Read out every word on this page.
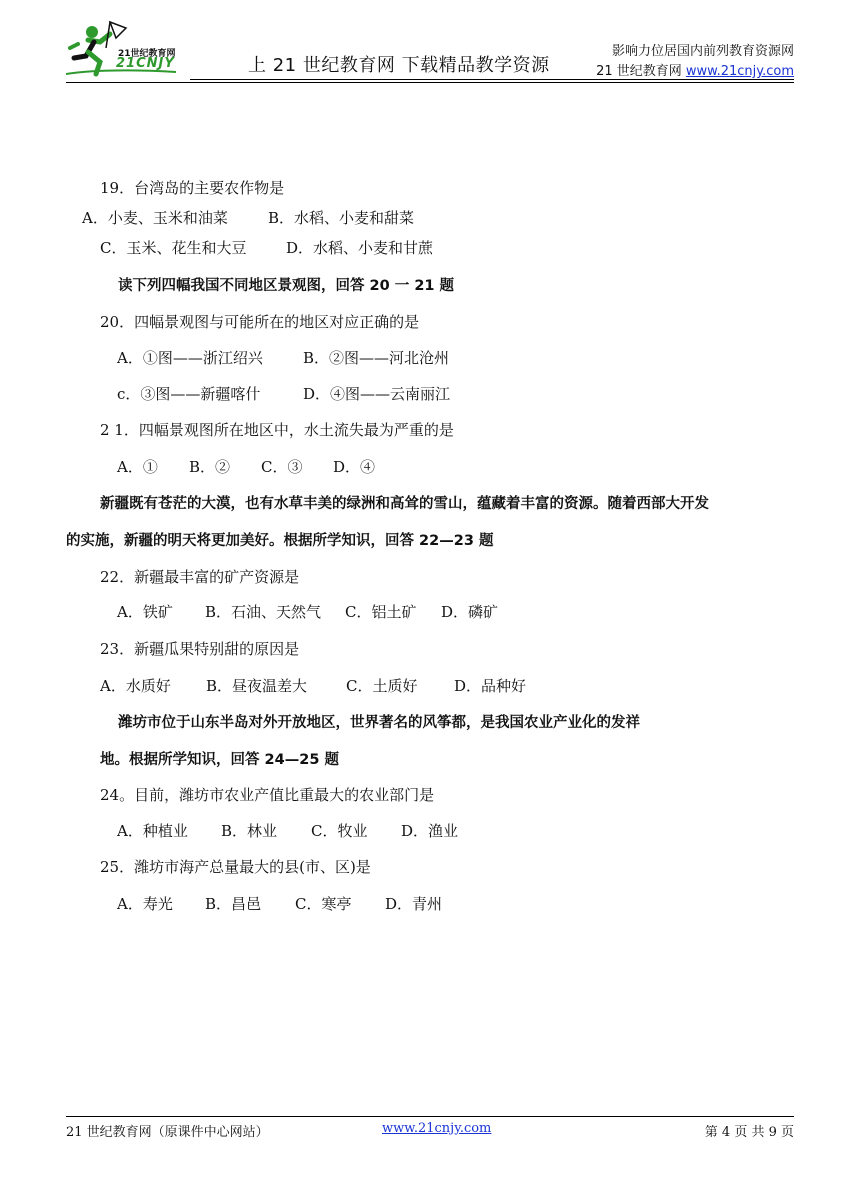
21世纪教育网
21CNJY	上 21 世纪教育网 下载精品教学资源
影响力位居国内前列教育资源网
21 世纪教育网 www.21cnjy.com
19．台湾岛的主要农作物是
A．小麦、玉米和油菜	B．水稻、小麦和甜菜
C．玉米、花生和大豆	D．水稻、小麦和甘蔗
读下列四幅我国不同地区景观图，回答 20 一 21 题
20．四幅景观图与可能所在的地区对应正确的是
A．①图——浙江绍兴	B．②图——河北沧州
c．③图——新疆喀什	D．④图——云南丽江
2 1．四幅景观图所在地区中，水土流失最为严重的是
A．① B．② C．③ D．④
新疆既有苍茫的大漠，也有水草丰美的绿洲和高耸的雪山，蕴藏着丰富的资源。随着西部大开发
的实施，新疆的明天将更加美好。根据所学知识，回答 22—23 题
22．新疆最丰富的矿产资源是
A．铁矿 B．石油、天然气 C．铝土矿 D．磷矿
23．新疆瓜果特别甜的原因是
A．水质好 B．昼夜温差大	C．土质好 D．品种好
潍坊市位于山东半岛对外开放地区，世界著名的风筝都，是我国农业产业化的发祥
地。根据所学知识，回答 24—25 题
24。目前，潍坊市农业产值比重最大的农业部门是
A．种植业 B．林业 C．牧业 D．渔业
25．潍坊市海产总量最大的县(市、区)是
A．寿光 B．昌邑 C．寒亭 D．青州
21 世纪教育网（原课件中心网站）	www.21cnjy.com	第 4 页 共 9 页
